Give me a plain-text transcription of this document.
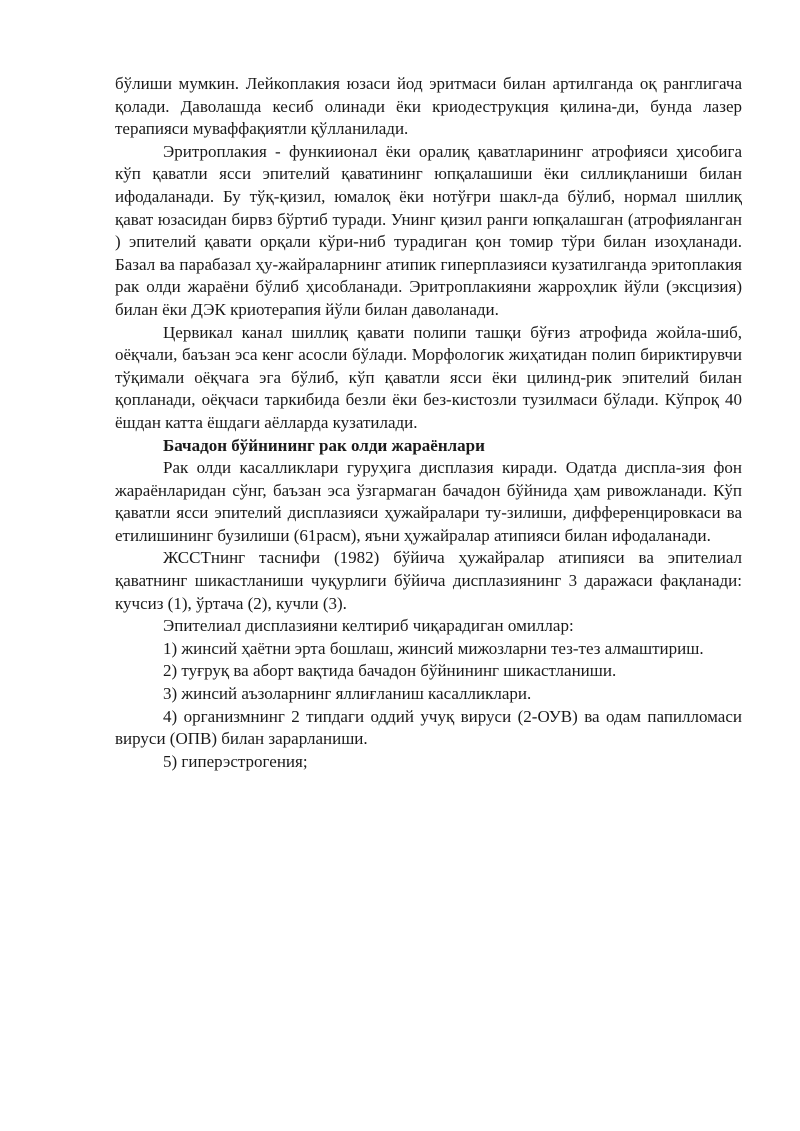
бўлиши мумкин. Лейкоплакия юзаси йод эритмаси билан артилганда оқ ранглигача қолади. Даволашда кесиб олинади ёки криодеструкция қилина-ди, бунда лазер терапияси муваффақиятли қўлланилади.

Эритроплакия - функиионал ёки оралиқ қаватларининг атрофияси ҳисобига кўп қаватли ясси эпителий қаватининг юпқалашиши ёки силлиқланиши билан ифодаланади. Бу тўқ-қизил, юмалоқ ёки нотўғри шакл-да бўлиб, нормал шиллиқ қават юзасидан бирвз бўртиб туради. Унинг қизил ранги юпқалашган (атрофияланган ) эпителий қавати орқали кўри-ниб турадиган қон томир тўри билан изоҳланади. Базал ва парабазал ҳу-жайраларнинг атипик гиперплазияси кузатилганда эритоплакия рак олди жараёни бўлиб ҳисобланади. Эритроплакияни жарроҳлик йўли (эксцизия) билан ёки ДЭК криотерапия йўли билан даволанади.

Цервикал канал шиллиқ қавати полипи ташқи бўғиз атрофида жойла-шиб, оёқчали, баъзан эса кенг асосли бўлади. Морфологик жиҳатидан полип бириктирувчи тўқимали оёқчага эга бўлиб, кўп қаватли ясси ёки цилинд-рик эпителий билан қопланади, оёқчаси таркибида безли ёки без-кистозли тузилмаси бўлади. Кўпроқ 40 ёшдан катта ёшдаги аёлларда кузатилади.

Бачадон бўйнининг рак олди жараёнлари

Рак олди касалликлари гуруҳига дисплазия киради. Одатда диспла-зия фон жараёнларидан сўнг, баъзан эса ўзгармаган бачадон бўйнида ҳам ривожланади. Кўп қаватли ясси эпителий дисплазияси ҳужайралари ту-зилиши, дифференцировкаси ва етилишининг бузилиши (61расм), яъни ҳужайралар атипияси билан ифодаланади.

ЖССТнинг таснифи (1982) бўйича ҳужайралар атипияси ва эпителиал қаватнинг шикастланиши чуқурлиги бўйича дисплазиянинг 3 даражаси фақланади: кучсиз (1), ўртача (2), кучли (3).

Эпителиал дисплазияни келтириб чиқарадиган омиллар:

1) жинсий ҳаётни эрта бошлаш, жинсий мижозларни тез-тез алмаштириш.

2) туғруқ ва аборт вақтида бачадон бўйнининг шикастланиши.

3) жинсий аъзоларнинг яллиғланиш касалликлари.

4) организмнинг 2 типдаги оддий учуқ вируси (2-ОУВ) ва одам папилломаси вируси (ОПВ) билан зарарланиши.

5) гиперэстрогения;
